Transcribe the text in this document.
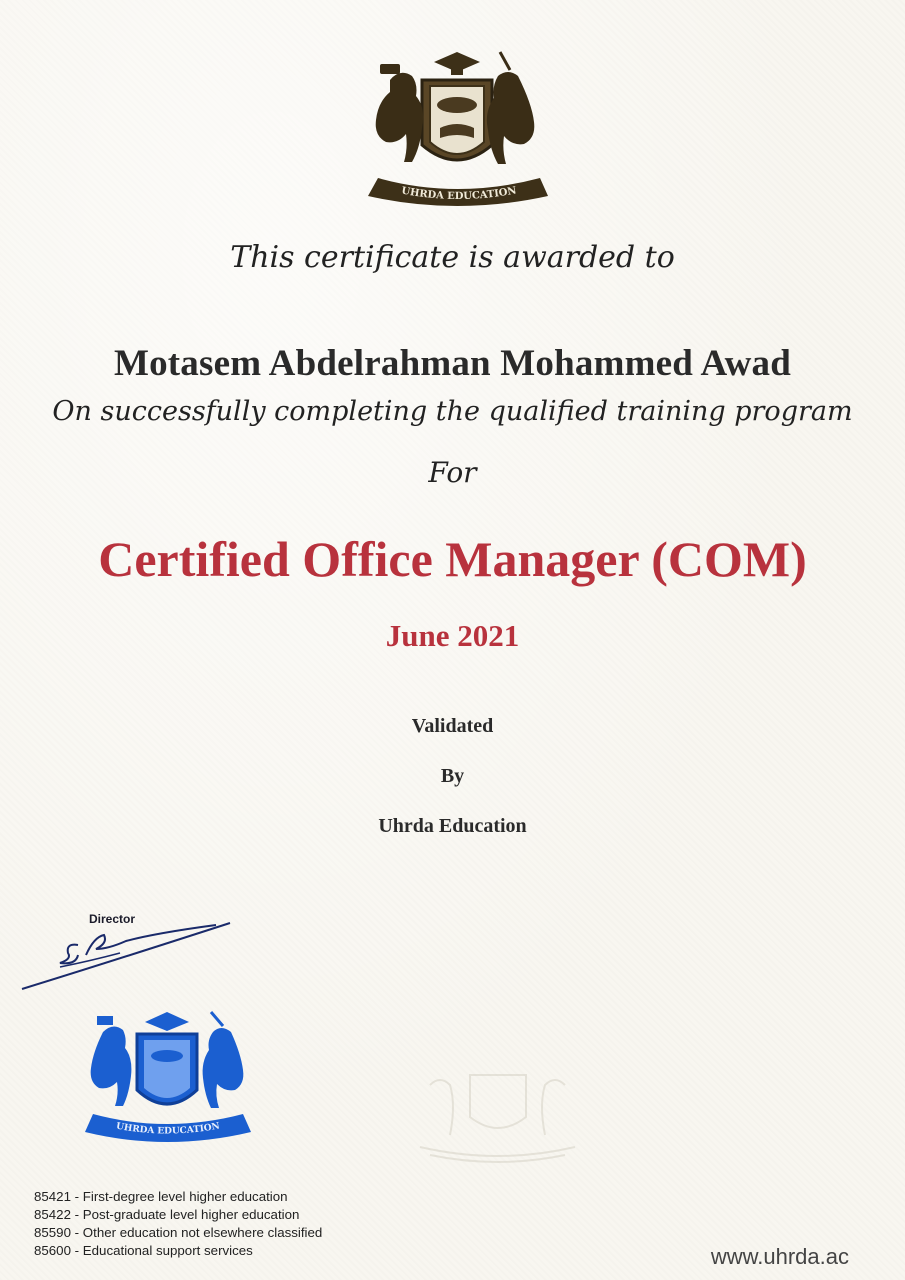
UHRDA EDUCATION
This certificate is awarded to
Motasem Abdelrahman Mohammed Awad
On successfully completing the qualified training program
For
Certified Office Manager (COM)
June 2021
Validated
By
Uhrda Education
Director
UHRDA EDUCATION
85421 - First-degree level higher education
85422 - Post-graduate level higher education
85590 - Other education not elsewhere classified
85600 - Educational support services	www.uhrda.ac
